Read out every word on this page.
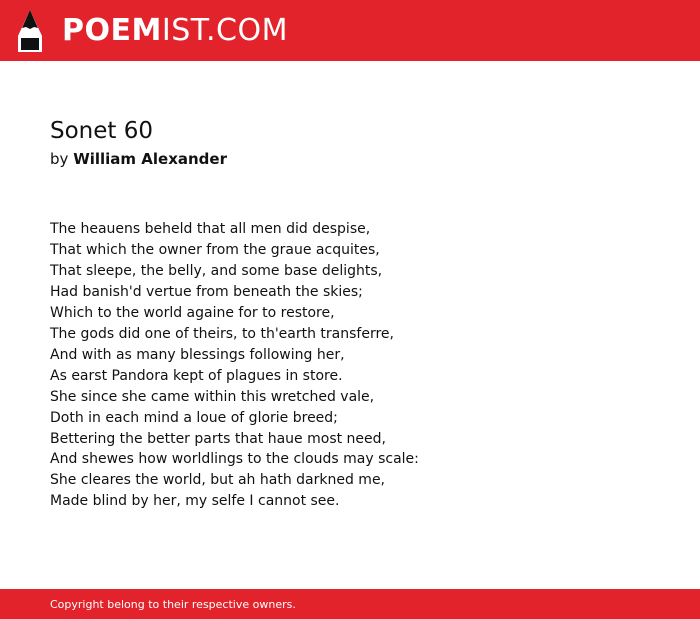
POEMIST.COM
Sonet 60
by William Alexander
The heauens beheld that all men did despise,
That which the owner from the graue acquites,
That sleepe, the belly, and some base delights,
Had banish'd vertue from beneath the skies;
Which to the world againe for to restore,
The gods did one of theirs, to th'earth transferre,
And with as many blessings following her,
As earst Pandora kept of plagues in store.
She since she came within this wretched vale,
Doth in each mind a loue of glorie breed;
Bettering the better parts that haue most need,
And shewes how worldlings to the clouds may scale:
She cleares the world, but ah hath darkned me,
Made blind by her, my selfe I cannot see.
Copyright belong to their respective owners.
